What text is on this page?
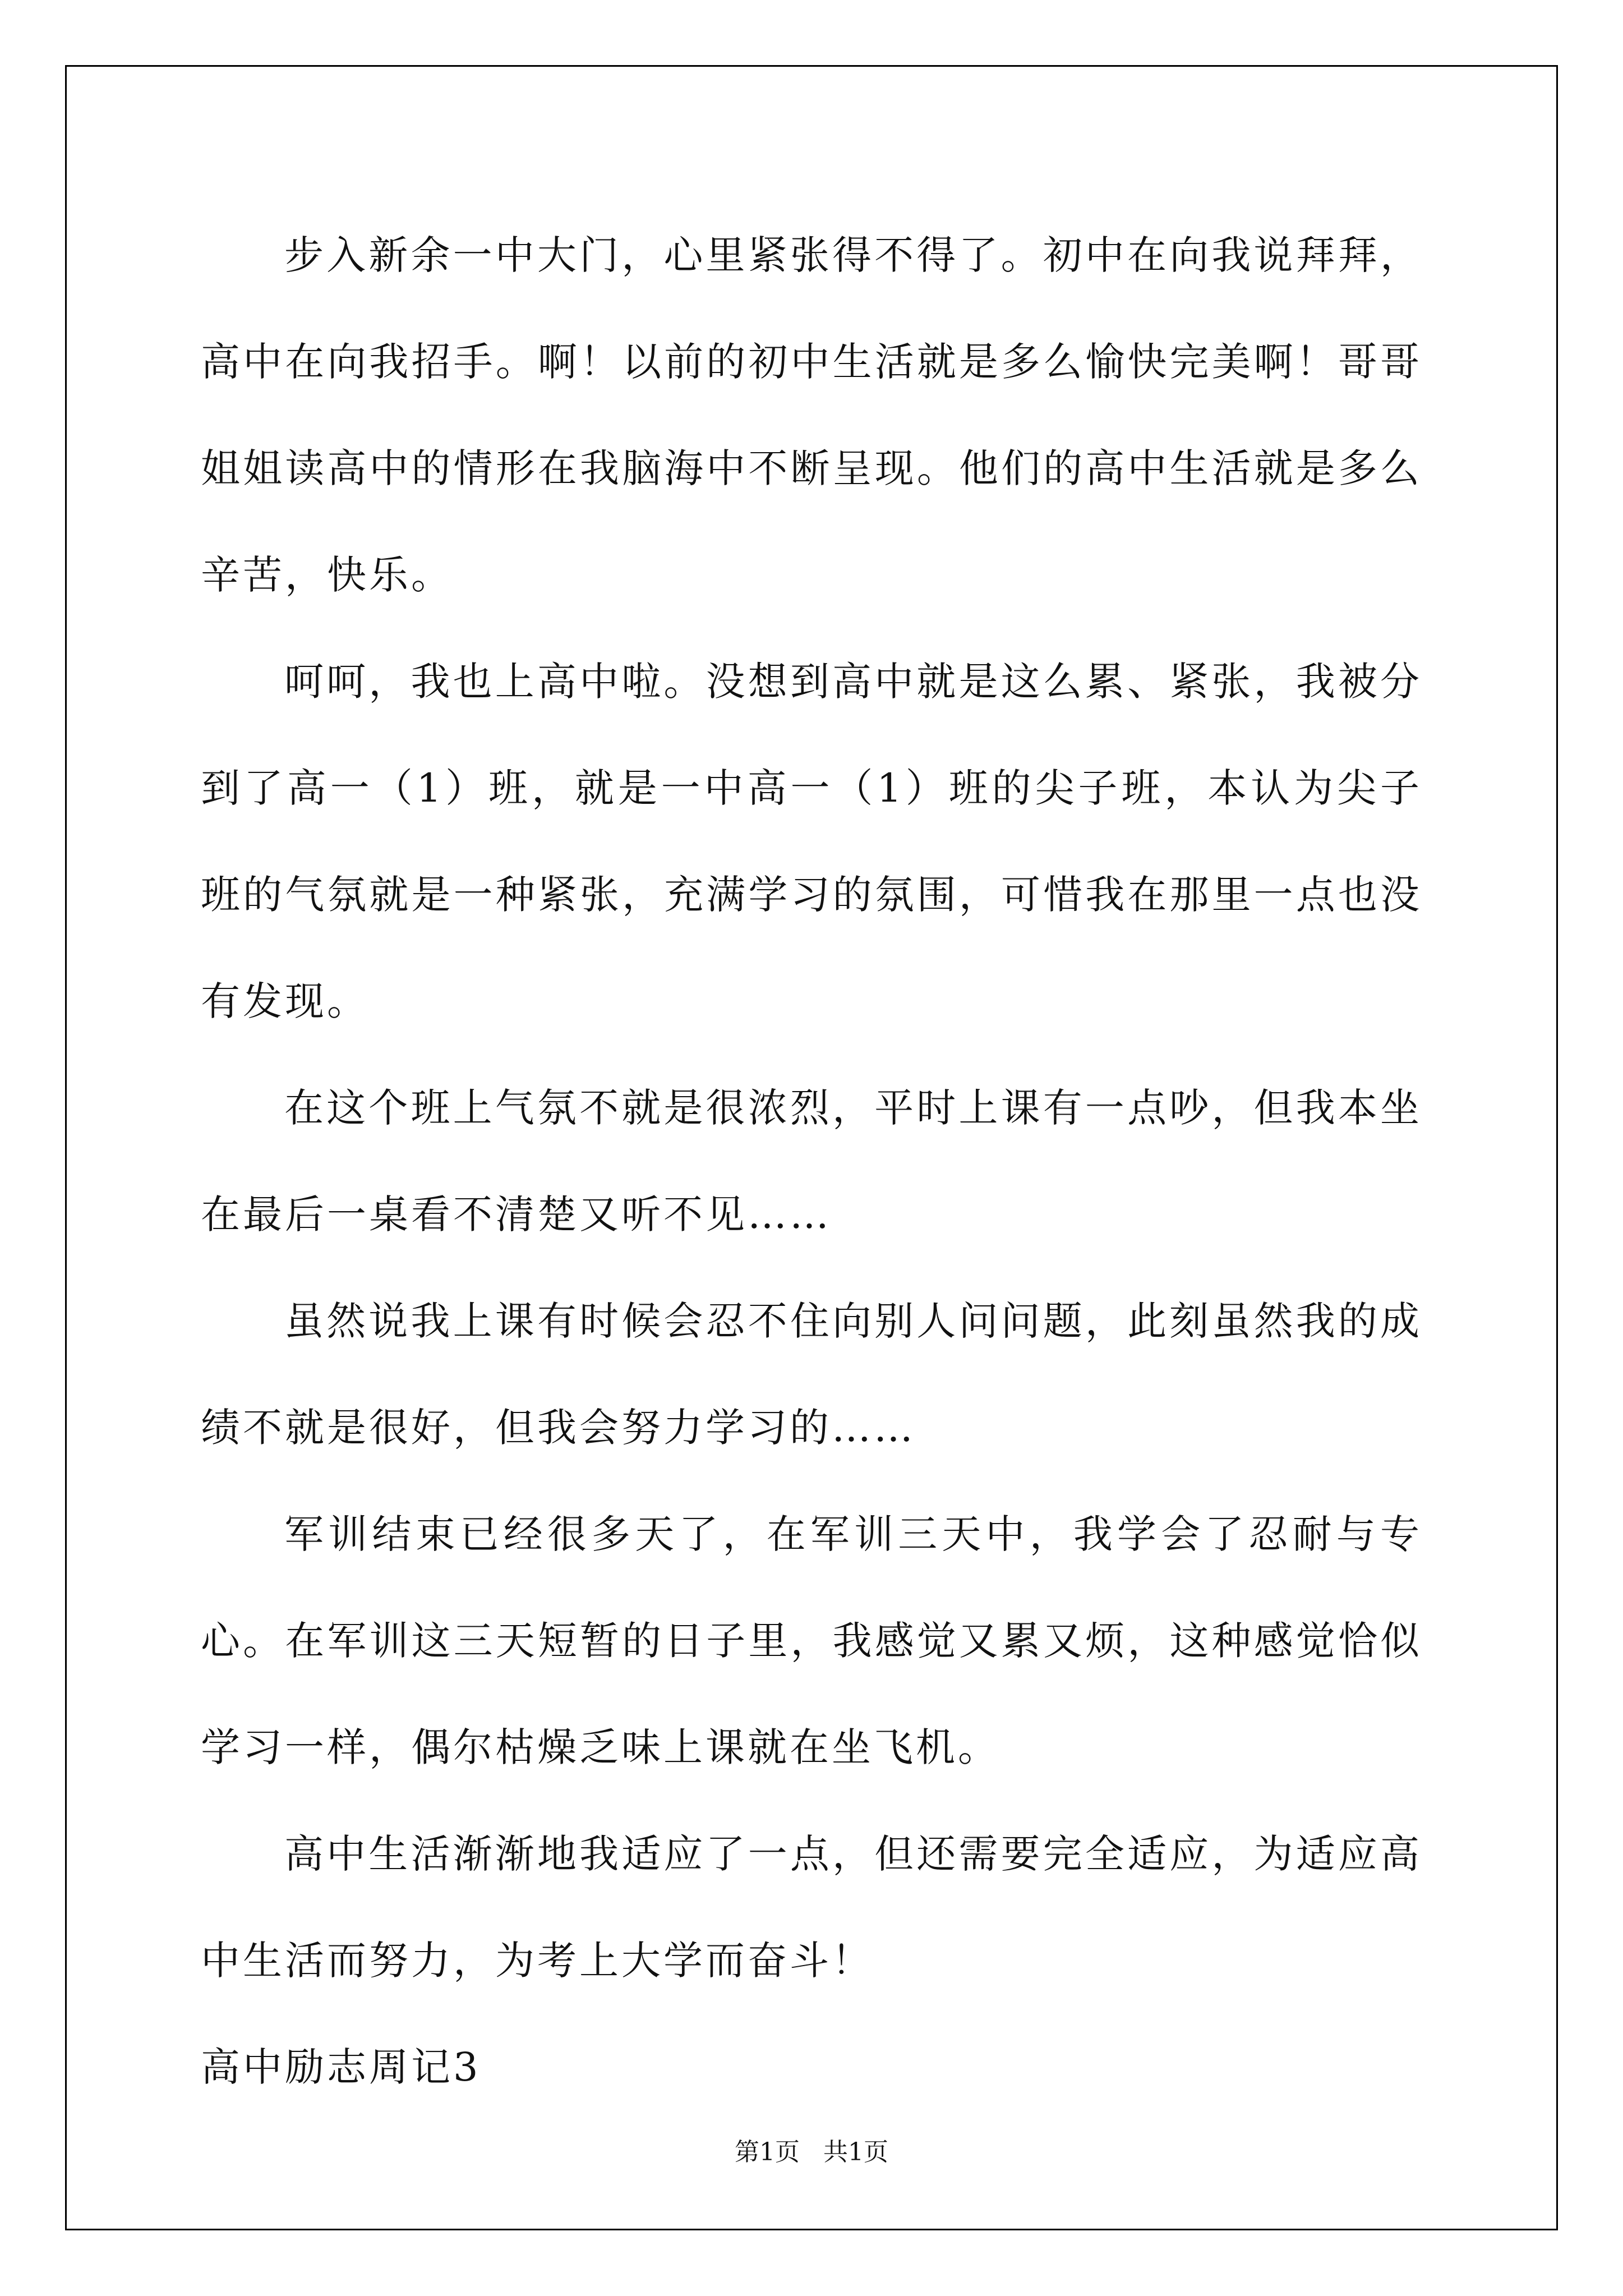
步入新余一中大门，心里紧张得不得了。初中在向我说拜拜，高中在向我招手。啊！以前的初中生活就是多么愉快完美啊！哥哥姐姐读高中的情形在我脑海中不断呈现。他们的高中生活就是多么辛苦，快乐。

呵呵，我也上高中啦。没想到高中就是这么累、紧张，我被分到了高一（1）班，就是一中高一（1）班的尖子班，本认为尖子班的气氛就是一种紧张，充满学习的氛围，可惜我在那里一点也没有发现。

在这个班上气氛不就是很浓烈，平时上课有一点吵，但我本坐在最后一桌看不清楚又听不见……

虽然说我上课有时候会忍不住向别人问问题，此刻虽然我的成绩不就是很好，但我会努力学习的……

军训结束已经很多天了，在军训三天中，我学会了忍耐与专心。在军训这三天短暂的日子里，我感觉又累又烦，这种感觉恰似学习一样，偶尔枯燥乏味上课就在坐飞机。

高中生活渐渐地我适应了一点，但还需要完全适应，为适应高中生活而努力，为考上大学而奋斗！

高中励志周记3

第1页   共1页
